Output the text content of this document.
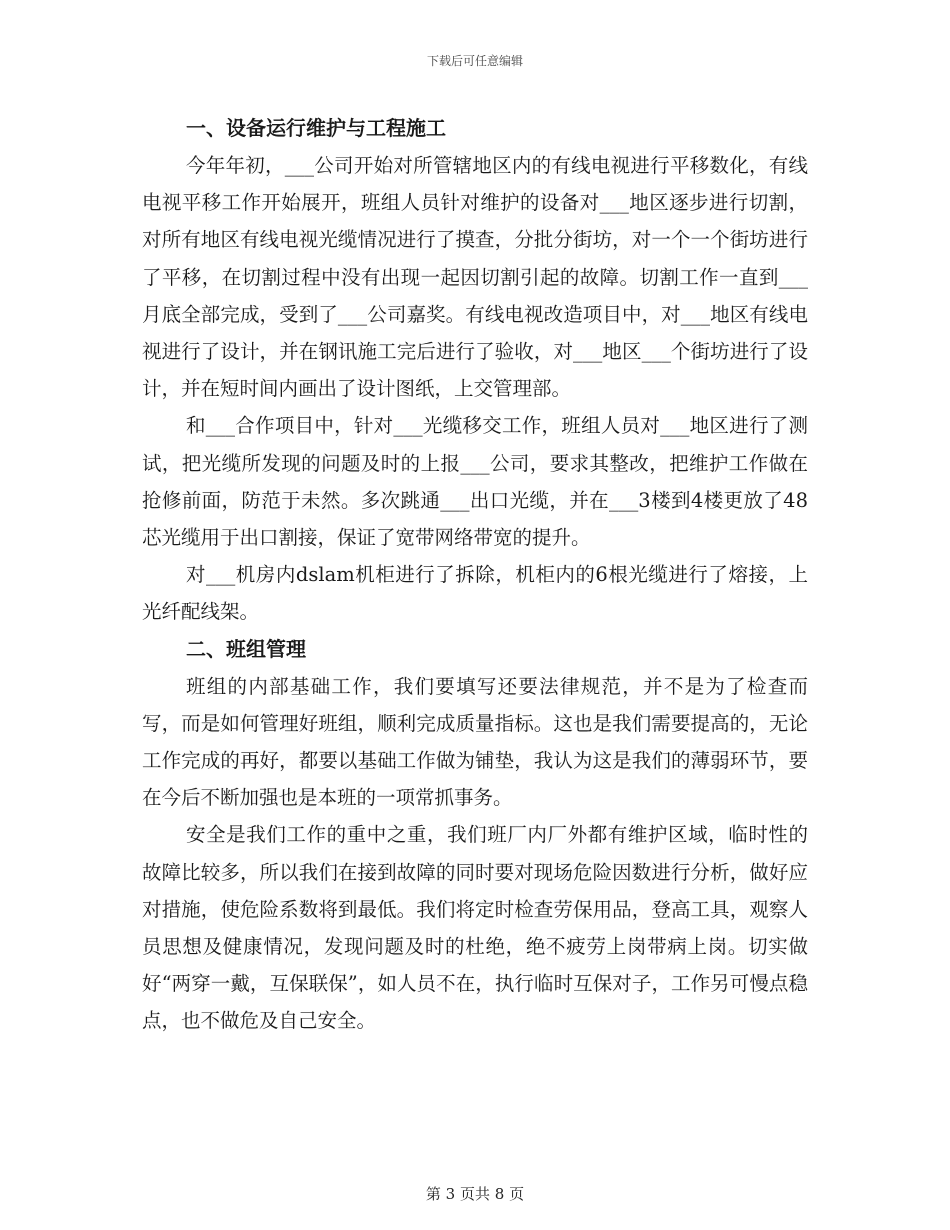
下载后可任意编辑
一、设备运行维护与工程施工

今年年初，___公司开始对所管辖地区内的有线电视进行平移数化，有线电视平移工作开始展开，班组人员针对维护的设备对___地区逐步进行切割，对所有地区有线电视光缆情况进行了摸查，分批分街坊，对一个一个街坊进行了平移，在切割过程中没有出现一起因切割引起的故障。切割工作一直到___月底全部完成，受到了___公司嘉奖。有线电视改造项目中，对___地区有线电视进行了设计，并在钢讯施工完后进行了验收，对___地区___个街坊进行了设计，并在短时间内画出了设计图纸，上交管理部。

和___合作项目中，针对___光缆移交工作，班组人员对___地区进行了测试，把光缆所发现的问题及时的上报___公司，要求其整改，把维护工作做在抢修前面，防范于未然。多次跳通___出口光缆，并在___3楼到4楼更放了48芯光缆用于出口割接，保证了宽带网络带宽的提升。

对___机房内dslam机柜进行了拆除，机柜内的6根光缆进行了熔接，上光纤配线架。

二、班组管理

班组的内部基础工作，我们要填写还要法律规范，并不是为了检查而写，而是如何管理好班组，顺利完成质量指标。这也是我们需要提高的，无论工作完成的再好，都要以基础工作做为铺垫，我认为这是我们的薄弱环节，要在今后不断加强也是本班的一项常抓事务。

安全是我们工作的重中之重，我们班厂内厂外都有维护区域，临时性的故障比较多，所以我们在接到故障的同时要对现场危险因数进行分析，做好应对措施，使危险系数将到最低。我们将定时检查劳保用品，登高工具，观察人员思想及健康情况，发现问题及时的杜绝，绝不疲劳上岗带病上岗。切实做好“两穿一戴，互保联保”，如人员不在，执行临时互保对子，工作另可慢点稳点，也不做危及自己安全。

第 3 页共 8 页
